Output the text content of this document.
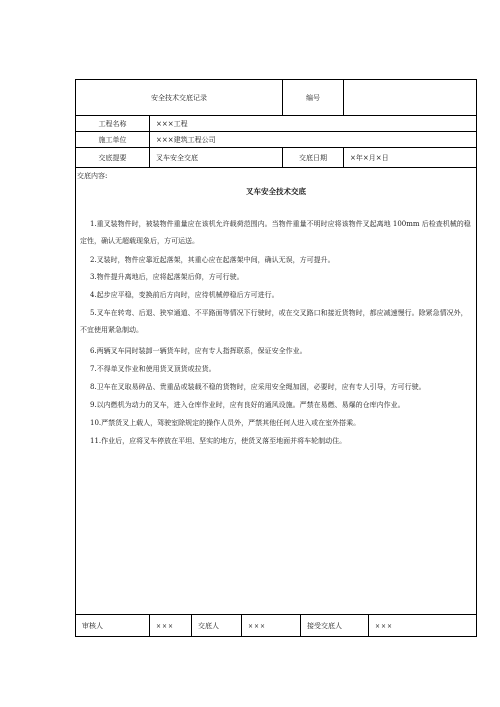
安全技术交底记录	编号
工程名称	×××工程
施工单位	×××建筑工程公司
交底提要	叉车安全交底	交底日期	×年×月×日
交底内容:
叉车安全技术交底
1.重叉装物件时，被装物件重量应在该机允许载荷范围内。当物件重量不明时应将该物件叉起离地 100mm 后检查机械的稳定性，确认无超载现象后，方可运送。
2.叉装时，物件应靠近起落架，其重心应在起落架中间，确认无误，方可提升。
3.物件提升离地后，应将起落架后仰，方可行驶。
4.起步应平稳，变换前后方向时，应待机械停稳后方可进行。
5.叉车在转弯、后退、狭窄通道、不平路面等情况下行驶时，或在交叉路口和接近货物时，都应减速慢行。除紧急情况外，不宜使用紧急制动。
6.两辆叉车同时装卸一辆货车时，应有专人指挥联系，保证安全作业。
7.不得单叉作业和使用货叉顶货或拉货。
8.卫车在叉取易碎品、贵重品或装载不稳的货物时，应采用安全绳加固，必要时，应有专人引导，方可行驶。
9.以内燃机为动力的叉车，进入仓库作业时，应有良好的通风设施。严禁在易燃、易爆的仓库内作业。
10.严禁货叉上载人，驾驶室除规定的操作人员外，严禁其他任何人进入或在室外搭乘。
11.作业后，应将叉车停放在平坦、坚实的地方，使货叉落至地面并将车轮制动住。
审核人	×××	交底人	×××	接受交底人	×××
